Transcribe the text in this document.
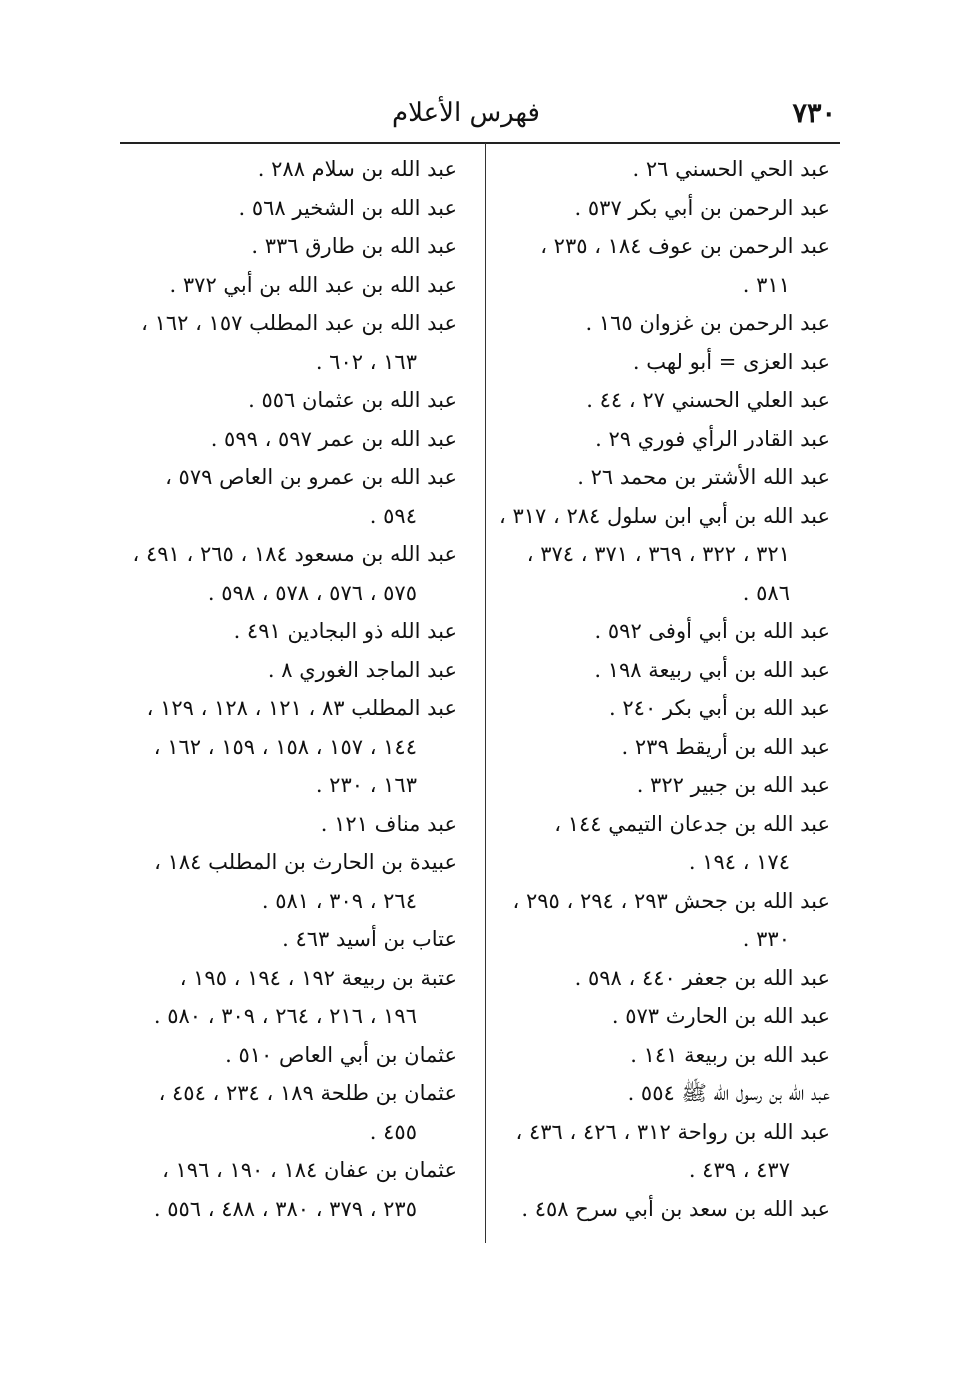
٧٣٠
فهرس الأعلام
عبد الحي الحسني ٢٦ .
عبد الرحمن بن أبي بكر ٥٣٧ .
عبد الرحمن بن عوف ١٨٤ ، ٢٣٥ ،
٣١١ .
عبد الرحمن بن غزوان ١٦٥ .
عبد العزى = أبو لهب .
عبد العلي الحسني ٢٧ ، ٤٤ .
عبد القادر الرأي فوري ٢٩ .
عبد الله الأشتر بن محمد ٢٦ .
عبد الله بن أبي ابن سلول ٢٨٤ ، ٣١٧ ،
٣٢١ ، ٣٢٢ ، ٣٦٩ ، ٣٧١ ، ٣٧٤ ،
٥٨٦ .
عبد الله بن أبي أوفى ٥٩٢ .
عبد الله بن أبي ربيعة ١٩٨ .
عبد الله بن أبي بكر ٢٤٠ .
عبد الله بن أريقط ٢٣٩ .
عبد الله بن جبير ٣٢٢ .
عبد الله بن جدعان التيمي ١٤٤ ،
١٧٤ ، ١٩٤ .
عبد الله بن جحش ٢٩٣ ، ٢٩٤ ، ٢٩٥ ،
٣٣٠ .
عبد الله بن جعفر ٤٤٠ ، ٥٩٨ .
عبد الله بن الحارث ٥٧٣ .
عبد الله بن ربيعة ١٤١ .
عبد الله بن رسول الله ﷺ ٥٥٤ .
عبد الله بن رواحة ٣١٢ ، ٤٢٦ ، ٤٣٦ ،
٤٣٧ ، ٤٣٩ .
عبد الله بن سعد بن أبي سرح ٤٥٨ .
عبد الله بن سلام ٢٨٨ .
عبد الله بن الشخير ٥٦٨ .
عبد الله بن طارق ٣٣٦ .
عبد الله بن عبد الله بن أبي ٣٧٢ .
عبد الله بن عبد المطلب ١٥٧ ، ١٦٢ ،
١٦٣ ، ٦٠٢ .
عبد الله بن عثمان ٥٥٦ .
عبد الله بن عمر ٥٩٧ ، ٥٩٩ .
عبد الله بن عمرو بن العاص ٥٧٩ ،
٥٩٤ .
عبد الله بن مسعود ١٨٤ ، ٢٦٥ ، ٤٩١ ،
٥٧٥ ، ٥٧٦ ، ٥٧٨ ، ٥٩٨ .
عبد الله ذو البجادين ٤٩١ .
عبد الماجد الغوري ٨ .
عبد المطلب ٨٣ ، ١٢١ ، ١٢٨ ، ١٢٩ ،
١٤٤ ، ١٥٧ ، ١٥٨ ، ١٥٩ ، ١٦٢ ،
١٦٣ ، ٢٣٠ .
عبد مناف ١٢١ .
عبيدة بن الحارث بن المطلب ١٨٤ ،
٢٦٤ ، ٣٠٩ ، ٥٨١ .
عتاب بن أسيد ٤٦٣ .
عتبة بن ربيعة ١٩٢ ، ١٩٤ ، ١٩٥ ،
١٩٦ ، ٢١٦ ، ٢٦٤ ، ٣٠٩ ، ٥٨٠ .
عثمان بن أبي العاص ٥١٠ .
عثمان بن طلحة ١٨٩ ، ٢٣٤ ، ٤٥٤ ،
٤٥٥ .
عثمان بن عفان ١٨٤ ، ١٩٠ ، ١٩٦ ،
٢٣٥ ، ٣٧٩ ، ٣٨٠ ، ٤٨٨ ، ٥٥٦ .
